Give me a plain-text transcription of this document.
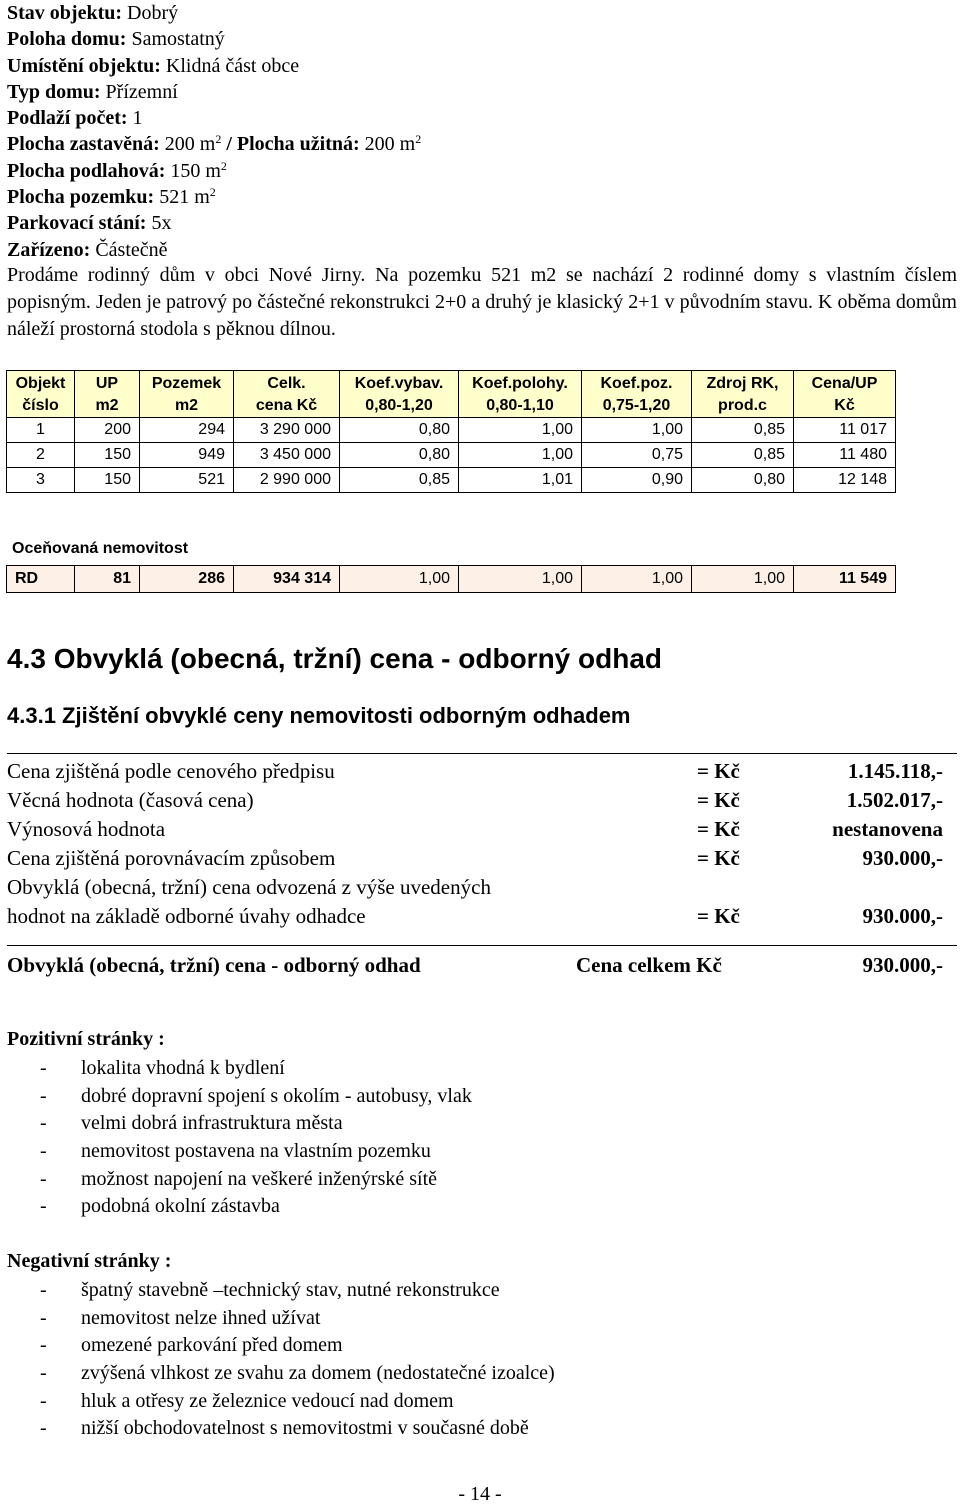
Stav objektu: Dobrý
Poloha domu: Samostatný
Umístění objektu: Klidná část obce
Typ domu: Přízemní
Podlaží počet: 1
Plocha zastavěná: 200 $m^2$ / Plocha užitná: 200 $m^2$
Plocha podlahová: 150 $m^2$
Plocha pozemku: 521 $m^2$
Parkovací stání: 5x
Zařízeno: Částečně
Prodáme rodinný dům v obci Nové Jirny. Na pozemku 521 m2 se nachází 2 rodinné domy s vlastním číslem popisným. Jeden je patrový po částečné rekonstrukci 2+0 a druhý je klasický 2+1 v původním stavu. K oběma domům náleží prostorná stodola s pěknou dílnou.
Objekt	UP	Pozemek	Celk.	Koef.vybav.	Koef.polohy.	Koef.poz.	Zdroj RK,	Cena/UP
číslo	m2	m2	cena Kč	0,80-1,20	0,80-1,10	0,75-1,20	prod.c	Kč
1	200	294	3 290 000	0,80	1,00	1,00	0,85	11 017
2	150	949	3 450 000	0,80	1,00	0,75	0,85	11 480
3	150	521	2 990 000	0,85	1,01	0,90	0,80	12 148
Oceňovaná nemovitost
RD	81	286	934 314	1,00	1,00	1,00	1,00	11 549
4.3 Obvyklá (obecná, tržní) cena - odborný odhad
4.3.1 Zjištění obvyklé ceny nemovitosti odborným odhadem
Cena zjištěná podle cenového předpisu	= Kč	1.145.118,-
Věcná hodnota (časová cena)	= Kč	1.502.017,-
Výnosová hodnota	= Kč	nestanovena
Cena zjištěná porovnávacím způsobem	= Kč	930.000,-
Obvyklá (obecná, tržní) cena odvozená z výše uvedených
hodnot na základě odborné úvahy odhadce	= Kč	930.000,-
Obvyklá (obecná, tržní) cena - odborný odhad	Cena celkem Kč	930.000,-
Pozitivní stránky :
- lokalita vhodná k bydlení
- dobré dopravní spojení s okolím - autobusy, vlak
- velmi dobrá infrastruktura města
- nemovitost postavena na vlastním pozemku
- možnost napojení na veškeré inženýrské sítě
- podobná okolní zástavba
Negativní stránky :
- špatný stavebně –technický stav, nutné rekonstrukce
- nemovitost nelze ihned užívat
- omezené parkování před domem
- zvýšená vlhkost ze svahu za domem (nedostatečné izoalce)
- hluk a otřesy ze železnice vedoucí nad domem
- nižší obchodovatelnost s nemovitostmi v současné době
- 14 -
